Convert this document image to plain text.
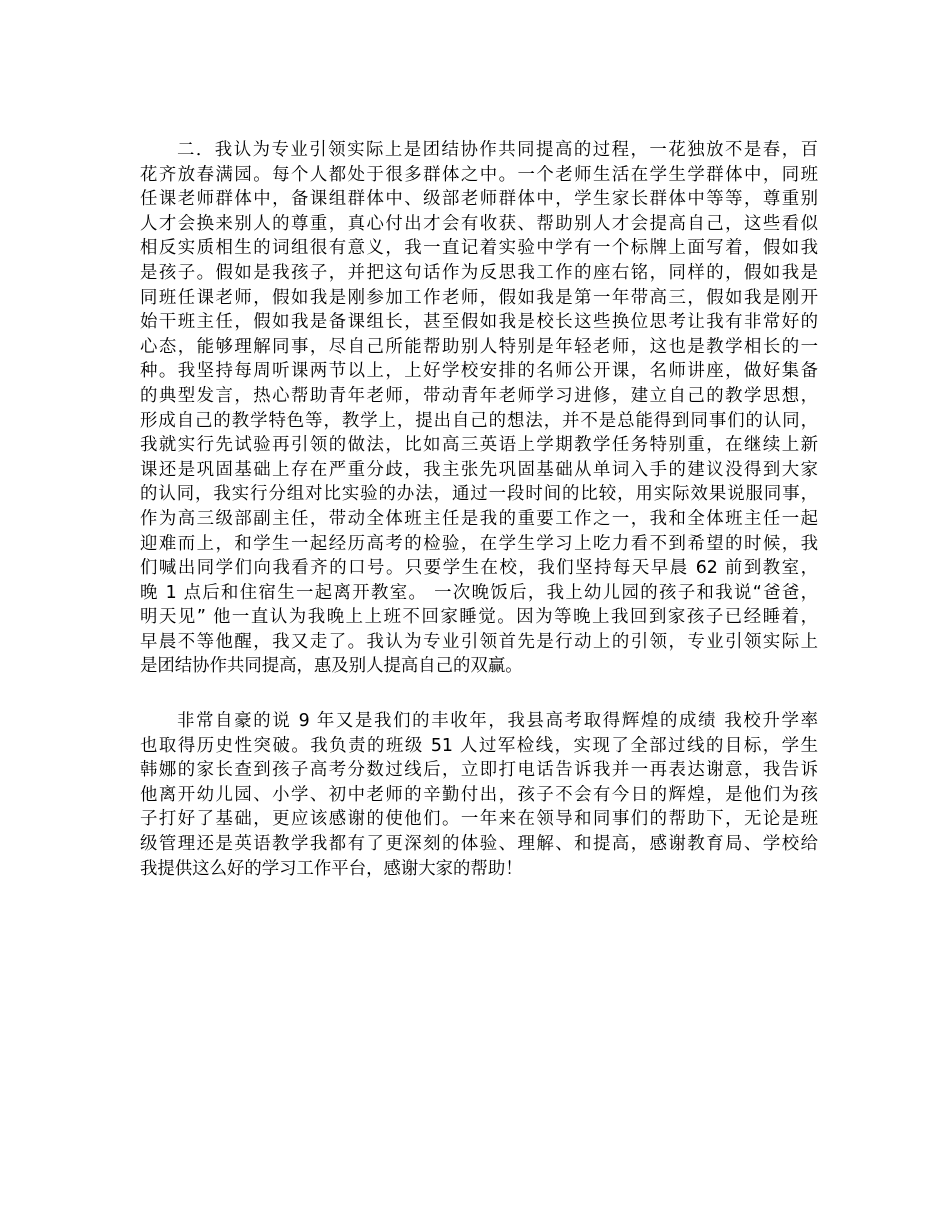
二．我认为专业引领实际上是团结协作共同提高的过程，一花独放不是春，百
花齐放春满园。每个人都处于很多群体之中。一个老师生活在学生学群体中，同班
任课老师群体中，备课组群体中、级部老师群体中，学生家长群体中等等，尊重别
人才会换来别人的尊重，真心付出才会有收获、帮助别人才会提高自己，这些看似
相反实质相生的词组很有意义，我一直记着实验中学有一个标牌上面写着，假如我
是孩子。假如是我孩子，并把这句话作为反思我工作的座右铭，同样的，假如我是
同班任课老师，假如我是刚参加工作老师，假如我是第一年带高三，假如我是刚开
始干班主任，假如我是备课组长，甚至假如我是校长这些换位思考让我有非常好的
心态，能够理解同事，尽自己所能帮助别人特别是年轻老师，这也是教学相长的一
种。我坚持每周听课两节以上，上好学校安排的名师公开课，名师讲座，做好集备
的典型发言，热心帮助青年老师，带动青年老师学习进修，建立自己的教学思想，
形成自己的教学特色等，教学上，提出自己的想法，并不是总能得到同事们的认同，
我就实行先试验再引领的做法，比如高三英语上学期教学任务特别重，在继续上新
课还是巩固基础上存在严重分歧，我主张先巩固基础从单词入手的建议没得到大家
的认同，我实行分组对比实验的办法，通过一段时间的比较，用实际效果说服同事，
作为高三级部副主任，带动全体班主任是我的重要工作之一，我和全体班主任一起
迎难而上，和学生一起经历高考的检验，在学生学习上吃力看不到希望的时候，我
们喊出同学们向我看齐的口号。只要学生在校，我们坚持每天早晨 62 前到教室，
晚 1 点后和住宿生一起离开教室。 一次晚饭后，我上幼儿园的孩子和我说“爸爸，
明天见” 他一直认为我晚上上班不回家睡觉。因为等晚上我回到家孩子已经睡着，
早晨不等他醒，我又走了。我认为专业引领首先是行动上的引领，专业引领实际上
是团结协作共同提高，惠及别人提高自己的双赢。
非常自豪的说 9 年又是我们的丰收年，我县高考取得辉煌的成绩 我校升学率
也取得历史性突破。我负责的班级 51 人过军检线，实现了全部过线的目标，学生
韩娜的家长查到孩子高考分数过线后，立即打电话告诉我并一再表达谢意，我告诉
他离开幼儿园、小学、初中老师的辛勤付出，孩子不会有今日的辉煌，是他们为孩
子打好了基础，更应该感谢的使他们。一年来在领导和同事们的帮助下，无论是班
级管理还是英语教学我都有了更深刻的体验、理解、和提高，感谢教育局、学校给
我提供这么好的学习工作平台，感谢大家的帮助！
